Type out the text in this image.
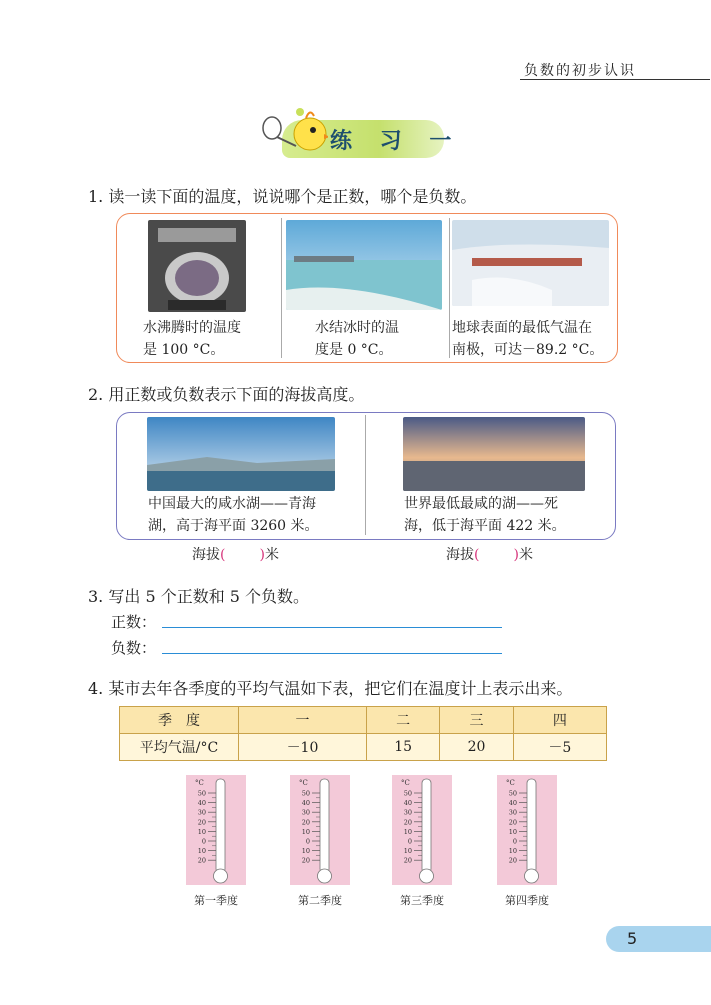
负数的初步认识
练 习 一
1. 读一读下面的温度，说说哪个是正数，哪个是负数。
水沸腾时的温度
是 100 °C。
水结冰时的温
度是 0 °C。
地球表面的最低气温在
南极，可达－89.2 °C。
2. 用正数或负数表示下面的海拔高度。
中国最大的咸水湖——青海
湖，高于海平面 3260 米。
世界最低最咸的湖——死
海，低于海平面 422 米。
海拔( )米	海拔( )米
3. 写出 5 个正数和 5 个负数。
正数：
负数：
4. 某市去年各季度的平均气温如下表，把它们在温度计上表示出来。
季　度	一	二	三	四
平均气温/°C	－10	15	20	－5
°C
50
40
30
20
10
0
10
20
第一季度
°C
50
40
30
20
10
0
10
20
第二季度
°C
50
40
30
20
10
0
10
20
第三季度
°C
50
40
30
20
10
0
10
20
第四季度
5
